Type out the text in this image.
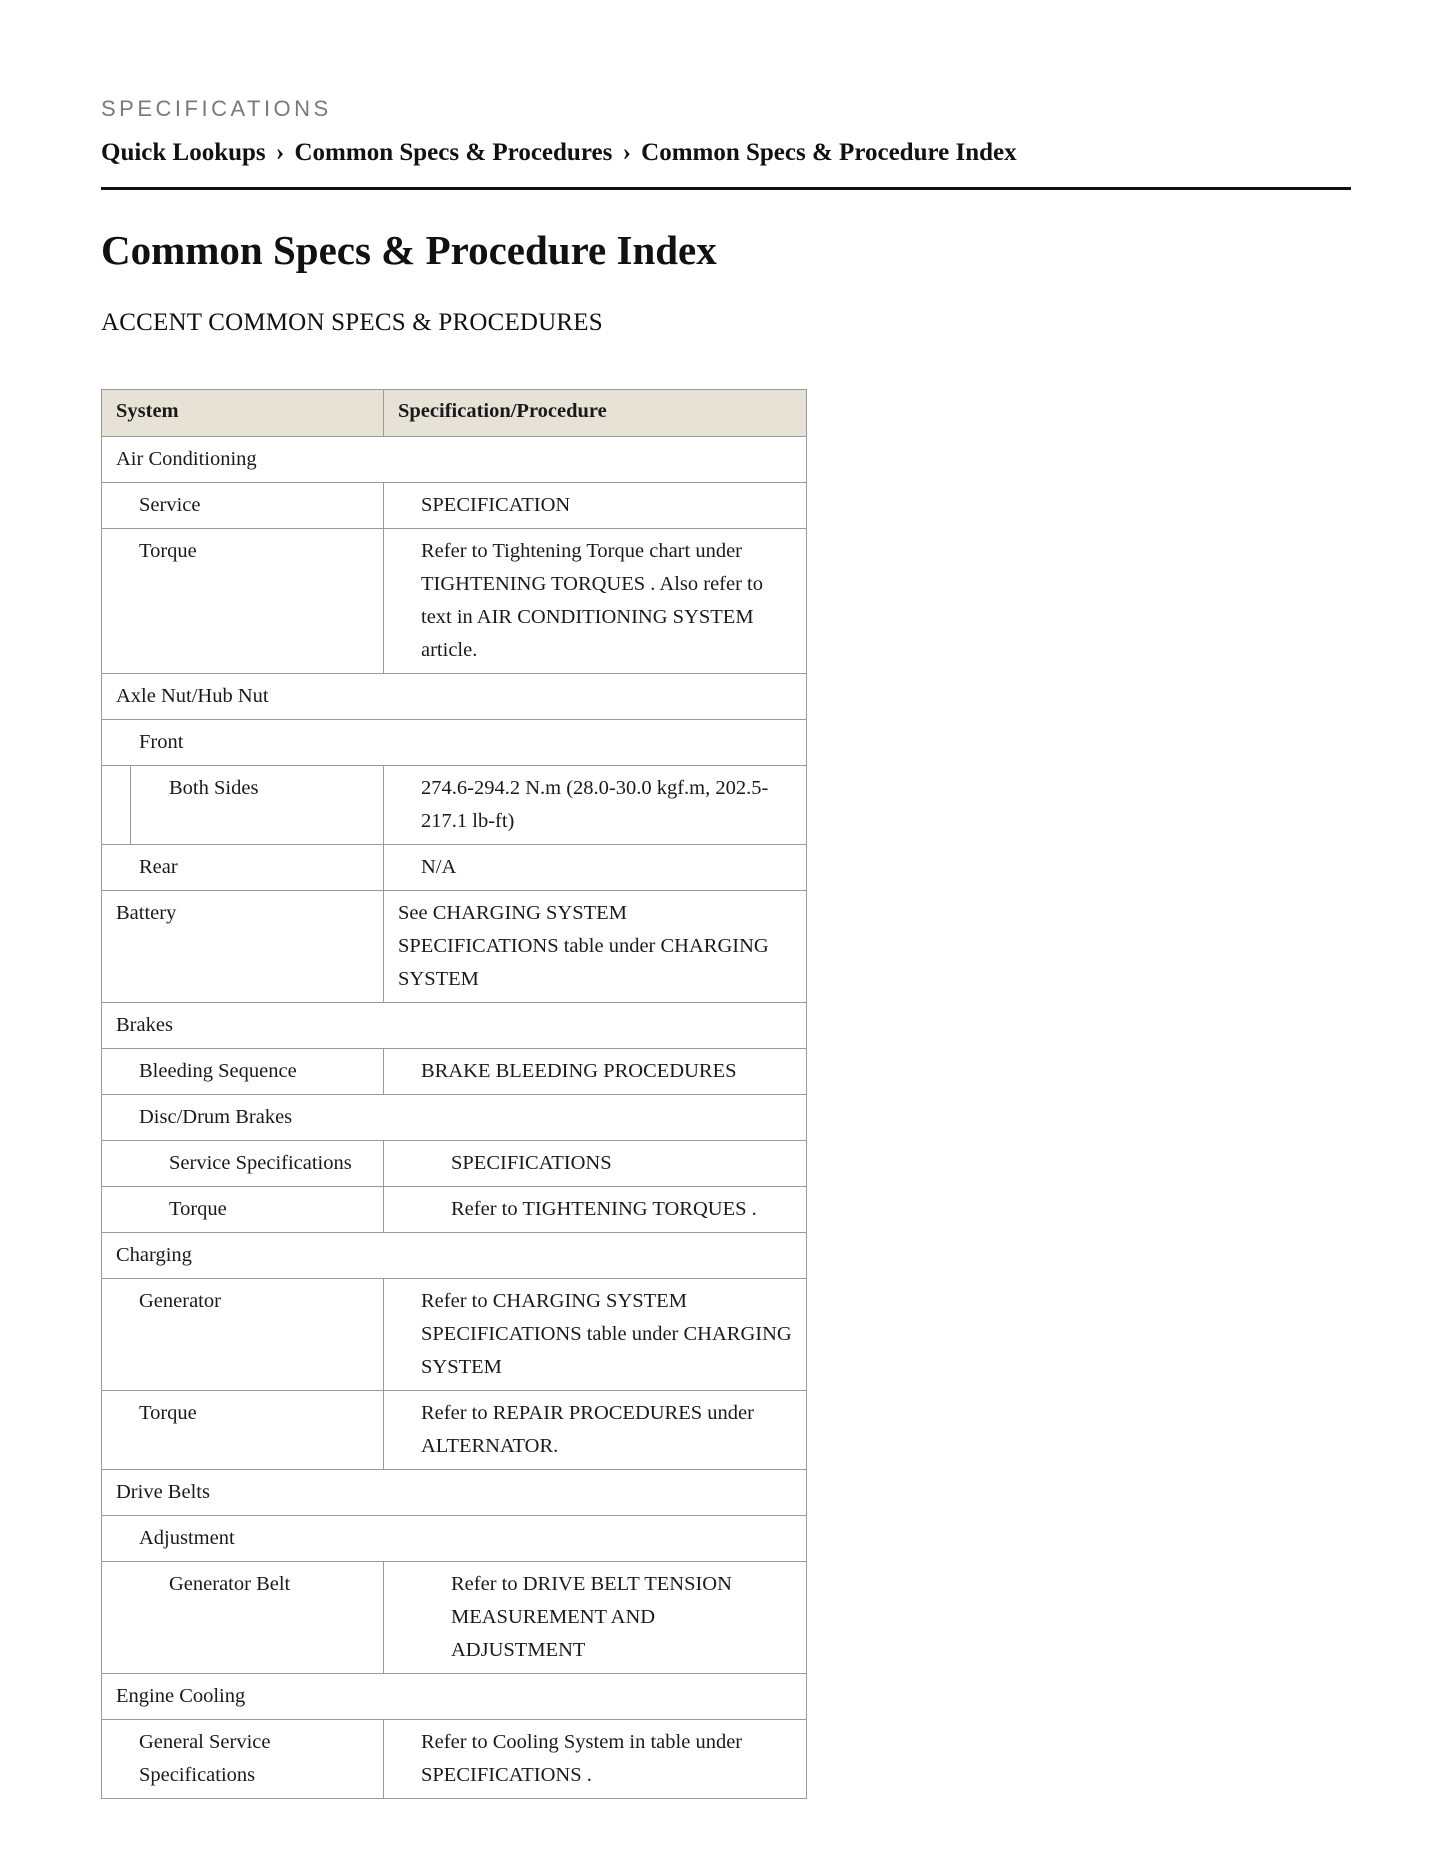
SPECIFICATIONS
Quick Lookups › Common Specs & Procedures › Common Specs & Procedure Index
Common Specs & Procedure Index
ACCENT COMMON SPECS & PROCEDURES
System	Specification/Procedure
Air Conditioning	
Service	SPECIFICATION
Torque	Refer to Tightening Torque chart under TIGHTENING TORQUES . Also refer to text in AIR CONDITIONING SYSTEM article.
Axle Nut/Hub Nut	
Front	

Both Sides	274.6-294.2 N.m (28.0-30.0 kgf.m, 202.5-217.1 lb-ft)
Rear	N/A
Battery	See CHARGING SYSTEM SPECIFICATIONS table under CHARGING SYSTEM
Brakes	
Bleeding Sequence	BRAKE BLEEDING PROCEDURES
Disc/Drum Brakes	
Service Specifications	SPECIFICATIONS
Torque	Refer to TIGHTENING TORQUES .
Charging	
Generator	Refer to CHARGING SYSTEM SPECIFICATIONS table under CHARGING SYSTEM
Torque	Refer to REPAIR PROCEDURES under ALTERNATOR.
Drive Belts	
Adjustment	
Generator Belt	Refer to DRIVE BELT TENSION MEASUREMENT AND ADJUSTMENT
Engine Cooling	
General Service Specifications	Refer to Cooling System in table under SPECIFICATIONS .
